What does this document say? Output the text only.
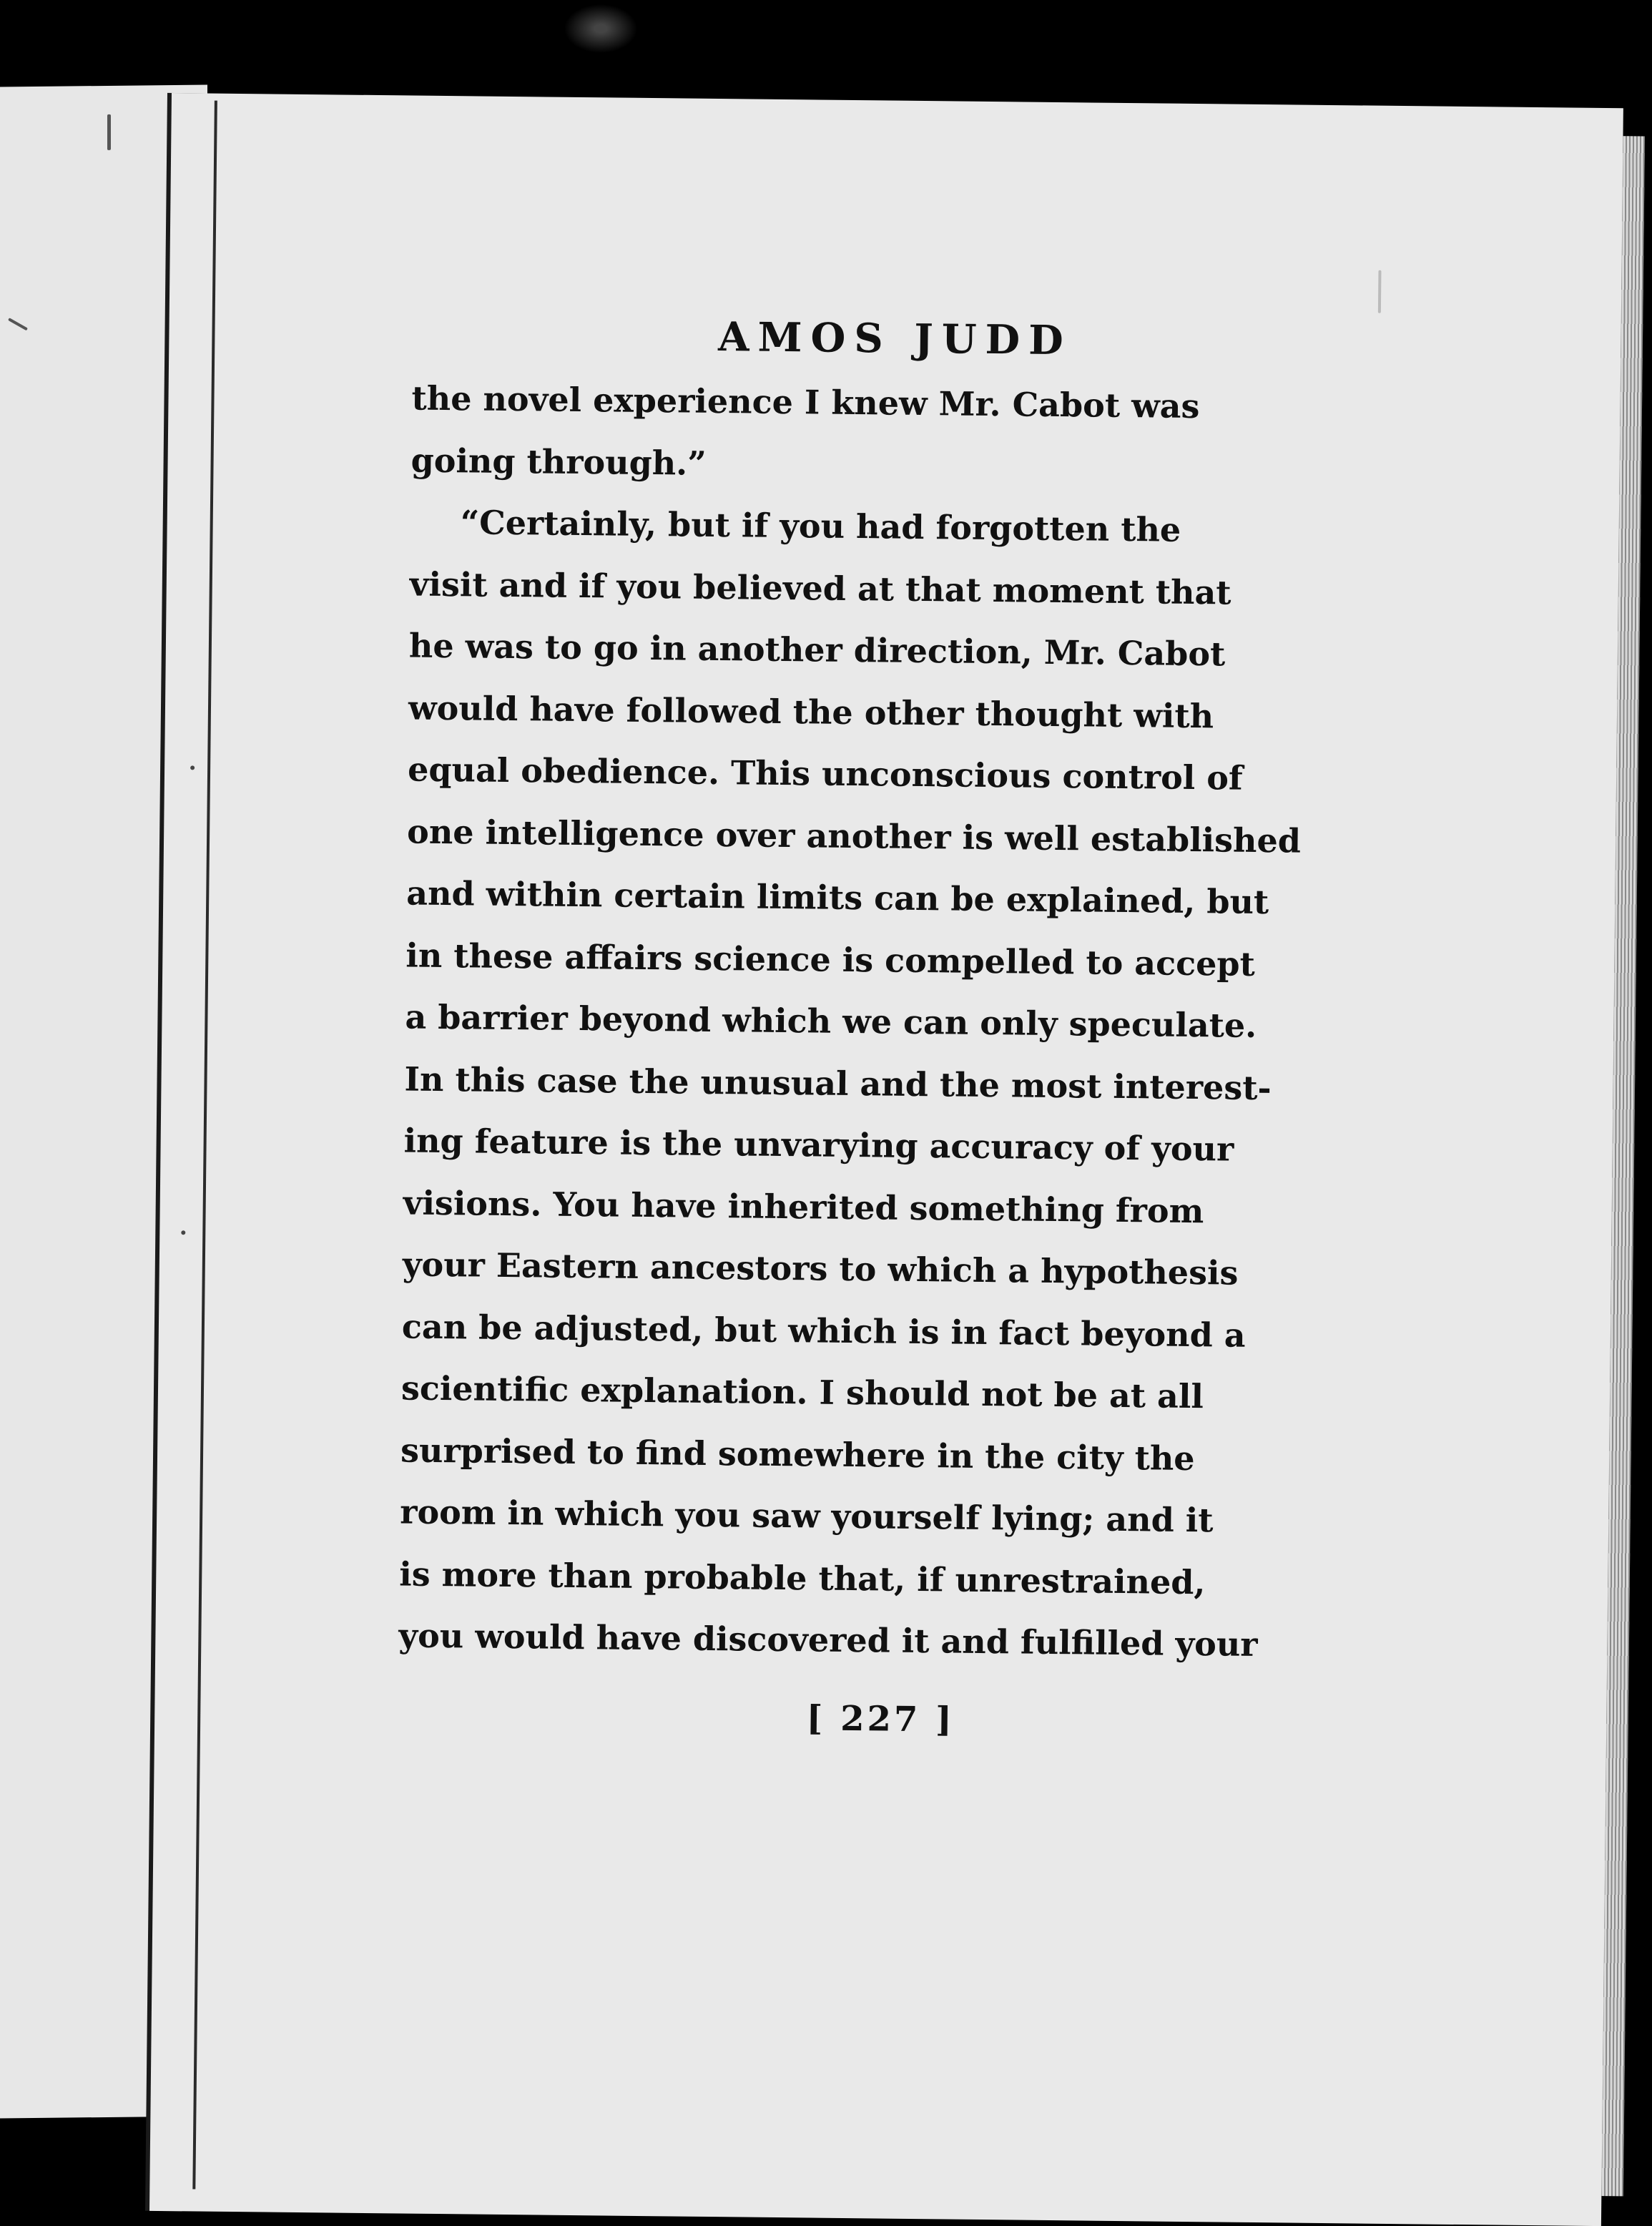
AMOS JUDD
the novel experience I knew Mr. Cabot was
going through.”
“Certainly, but if you had forgotten the
visit and if you believed at that moment that
he was to go in another direction, Mr. Cabot
would have followed the other thought with
equal obedience. This unconscious control of
one intelligence over another is well established
and within certain limits can be explained, but
in these affairs science is compelled to accept
a barrier beyond which we can only speculate.
In this case the unusual and the most interest-
ing feature is the unvarying accuracy of your
visions. You have inherited something from
your Eastern ancestors to which a hypothesis
can be adjusted, but which is in fact beyond a
scientific explanation. I should not be at all
surprised to find somewhere in the city the
room in which you saw yourself lying; and it
is more than probable that, if unrestrained,
you would have discovered it and fulfilled your
[ 227 ]
